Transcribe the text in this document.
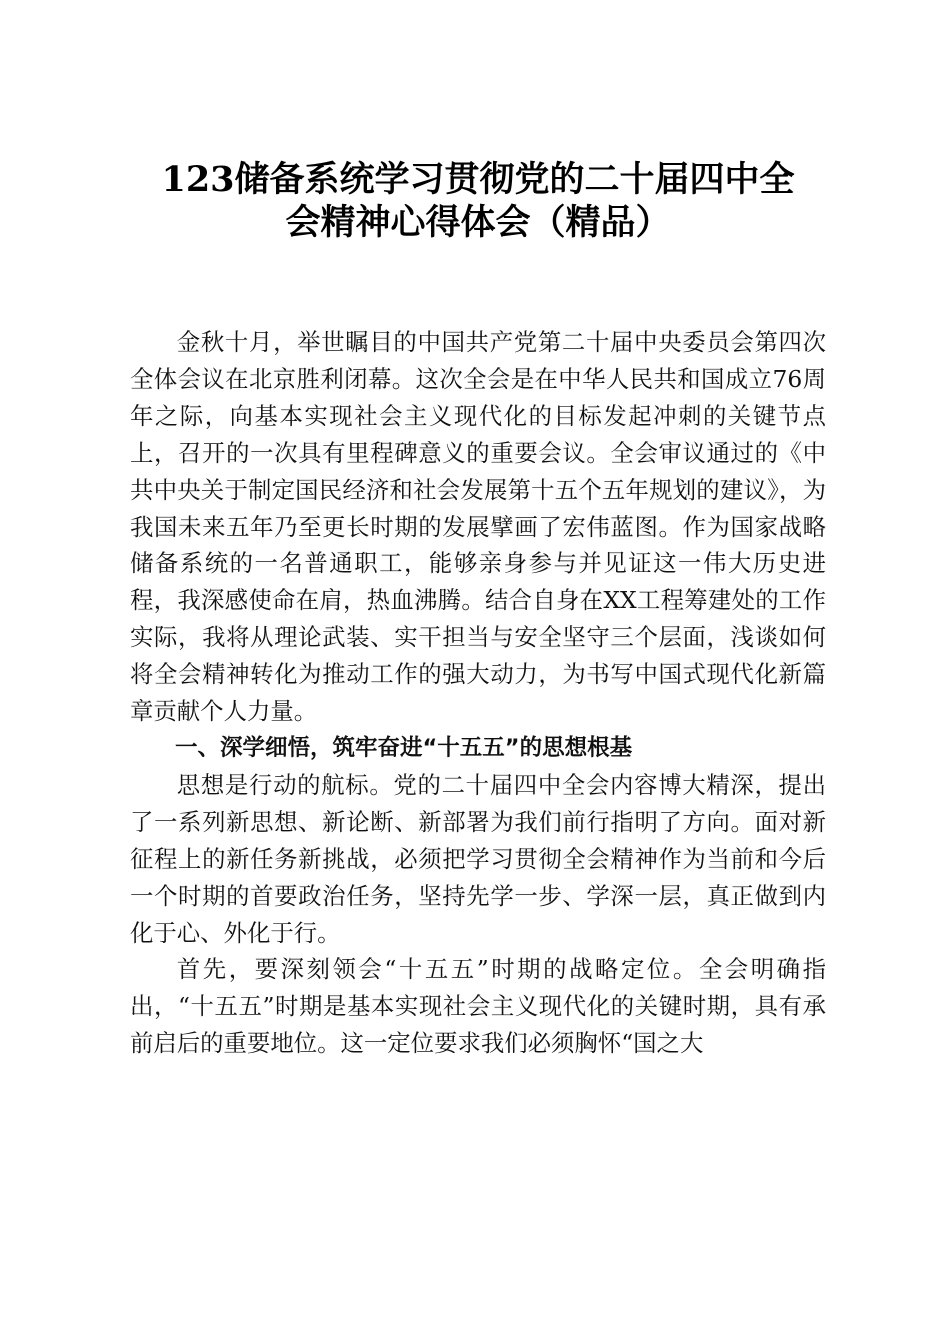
123储备系统学习贯彻党的二十届四中全
会精神心得体会（精品）

金秋十月，举世瞩目的中国共产党第二十届中央委员会第四次全体会议在北京胜利闭幕。这次全会是在中华人民共和国成立76周年之际，向基本实现社会主义现代化的目标发起冲刺的关键节点上，召开的一次具有里程碑意义的重要会议。全会审议通过的《中共中央关于制定国民经济和社会发展第十五个五年规划的建议》，为我国未来五年乃至更长时期的发展擘画了宏伟蓝图。作为国家战略储备系统的一名普通职工，能够亲身参与并见证这一伟大历史进程，我深感使命在肩，热血沸腾。结合自身在XX工程筹建处的工作实际，我将从理论武装、实干担当与安全坚守三个层面，浅谈如何将全会精神转化为推动工作的强大动力，为书写中国式现代化新篇章贡献个人力量。

一、深学细悟，筑牢奋进“十五五”的思想根基

思想是行动的航标。党的二十届四中全会内容博大精深，提出了一系列新思想、新论断、新部署为我们前行指明了方向。面对新征程上的新任务新挑战，必须把学习贯彻全会精神作为当前和今后一个时期的首要政治任务，坚持先学一步、学深一层，真正做到内化于心、外化于行。

首先，要深刻领会“十五五”时期的战略定位。全会明确指出，“十五五”时期是基本实现社会主义现代化的关键时期，具有承前启后的重要地位。这一定位要求我们必须胸怀“国之大
